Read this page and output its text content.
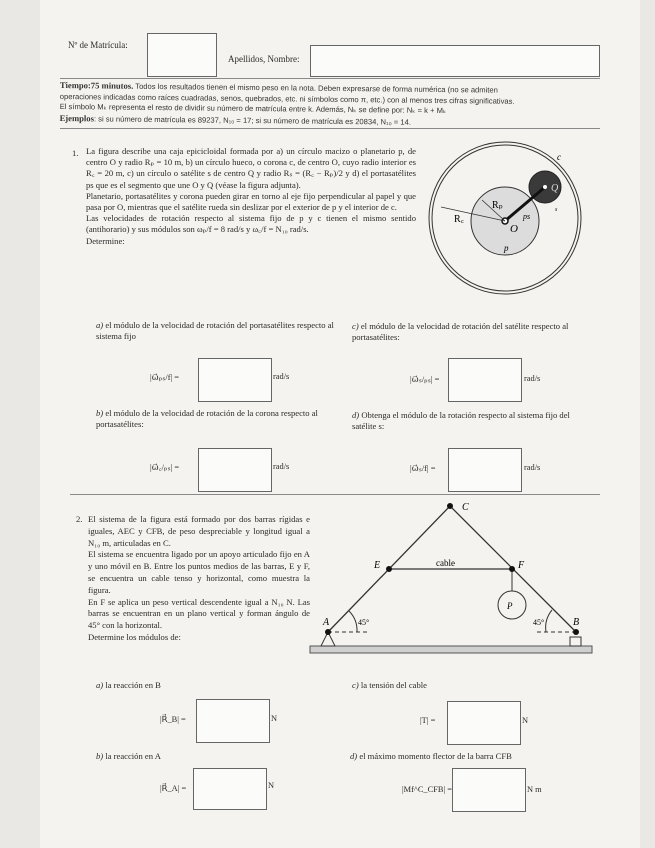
Nº de Matrícula:
Apellidos, Nombre:
Tiempo:75 minutos. Todos los resultados tienen el mismo peso en la nota. Deben expresarse de forma numérica (no se admiten
operaciones indicadas como raíces cuadradas, senos, quebrados, etc. ni símbolos como π, etc.) con al menos tres cifras significativas.
El símbolo Mₖ representa el resto de dividir su número de matrícula entre k. Además, Nₖ se define por: Nₖ = k + Mₖ
Ejemplos: si su número de matrícula es 89237, N₁₀ = 17; si su número de matrícula es 20834, N₁₀ = 14.
1. La figura describe una caja epicicloidal formada por a) un círculo macizo o planetario p, de centro O y radio Rₚ = 10 m, b) un círculo hueco, o corona c, de centro O, cuyo radio interior es R꜀ = 20 m, c) un círculo o satélite s de centro Q y radio Rₛ = (R꜀ − Rₚ)/2 y d) el portasatélites ps que es el segmento que une O y Q (véase la figura adjunta).
Planetario, portasatélites y corona pueden girar en torno al eje fijo perpendicular al papel y que pasa por O, mientras que el satélite rueda sin deslizar por el exterior de p y el interior de c.
Las velocidades de rotación respecto al sistema fijo de p y c tienen el mismo sentido (antihorario) y sus módulos son ωₚ/f = 8 rad/s y ω꜀/f = N₁₀ rad/s.
Determine:
c
Q
Rₚ
R꜀	ps
O
p
s
a) el módulo de la velocidad de rotación del portasatélites respecto al sistema fijo
|ω⃗ₚₛ/f| =	rad/s
b) el módulo de la velocidad de rotación de la corona respecto al portasatélites:
|ω⃗꜀/ₚₛ| =	rad/s
c) el módulo de la velocidad de rotación del satélite respecto al portasatélites:
|ω⃗ₛ/ₚₛ| =	rad/s
d) Obtenga el módulo de la rotación respecto al sistema fijo del satélite s:
|ω⃗ₛ/f| =	rad/s
2. El sistema de la figura está formado por dos barras rígidas e iguales, AEC y CFB, de peso despreciable y longitud igual a N₁₀ m, articuladas en C.
El sistema se encuentra ligado por un apoyo articulado fijo en A y uno móvil en B. Entre los puntos medios de las barras, E y F, se encuentra un cable tenso y horizontal, como muestra la figura.
En F se aplica un peso vertical descendente igual a N₁₀ N. Las barras se encuentran en un plano vertical y forman ángulo de 45° con la horizontal.
Determine los módulos de:
C
E	F
cable
P
A	B
45°	45°
a) la reacción en B
|R⃗_B| =	N
b) la reacción en A
|R⃗_A| =	N
c) la tensión del cable
|T| =	N
d) el máximo momento flector de la barra CFB
|Mf^C_CFB| =	N m
